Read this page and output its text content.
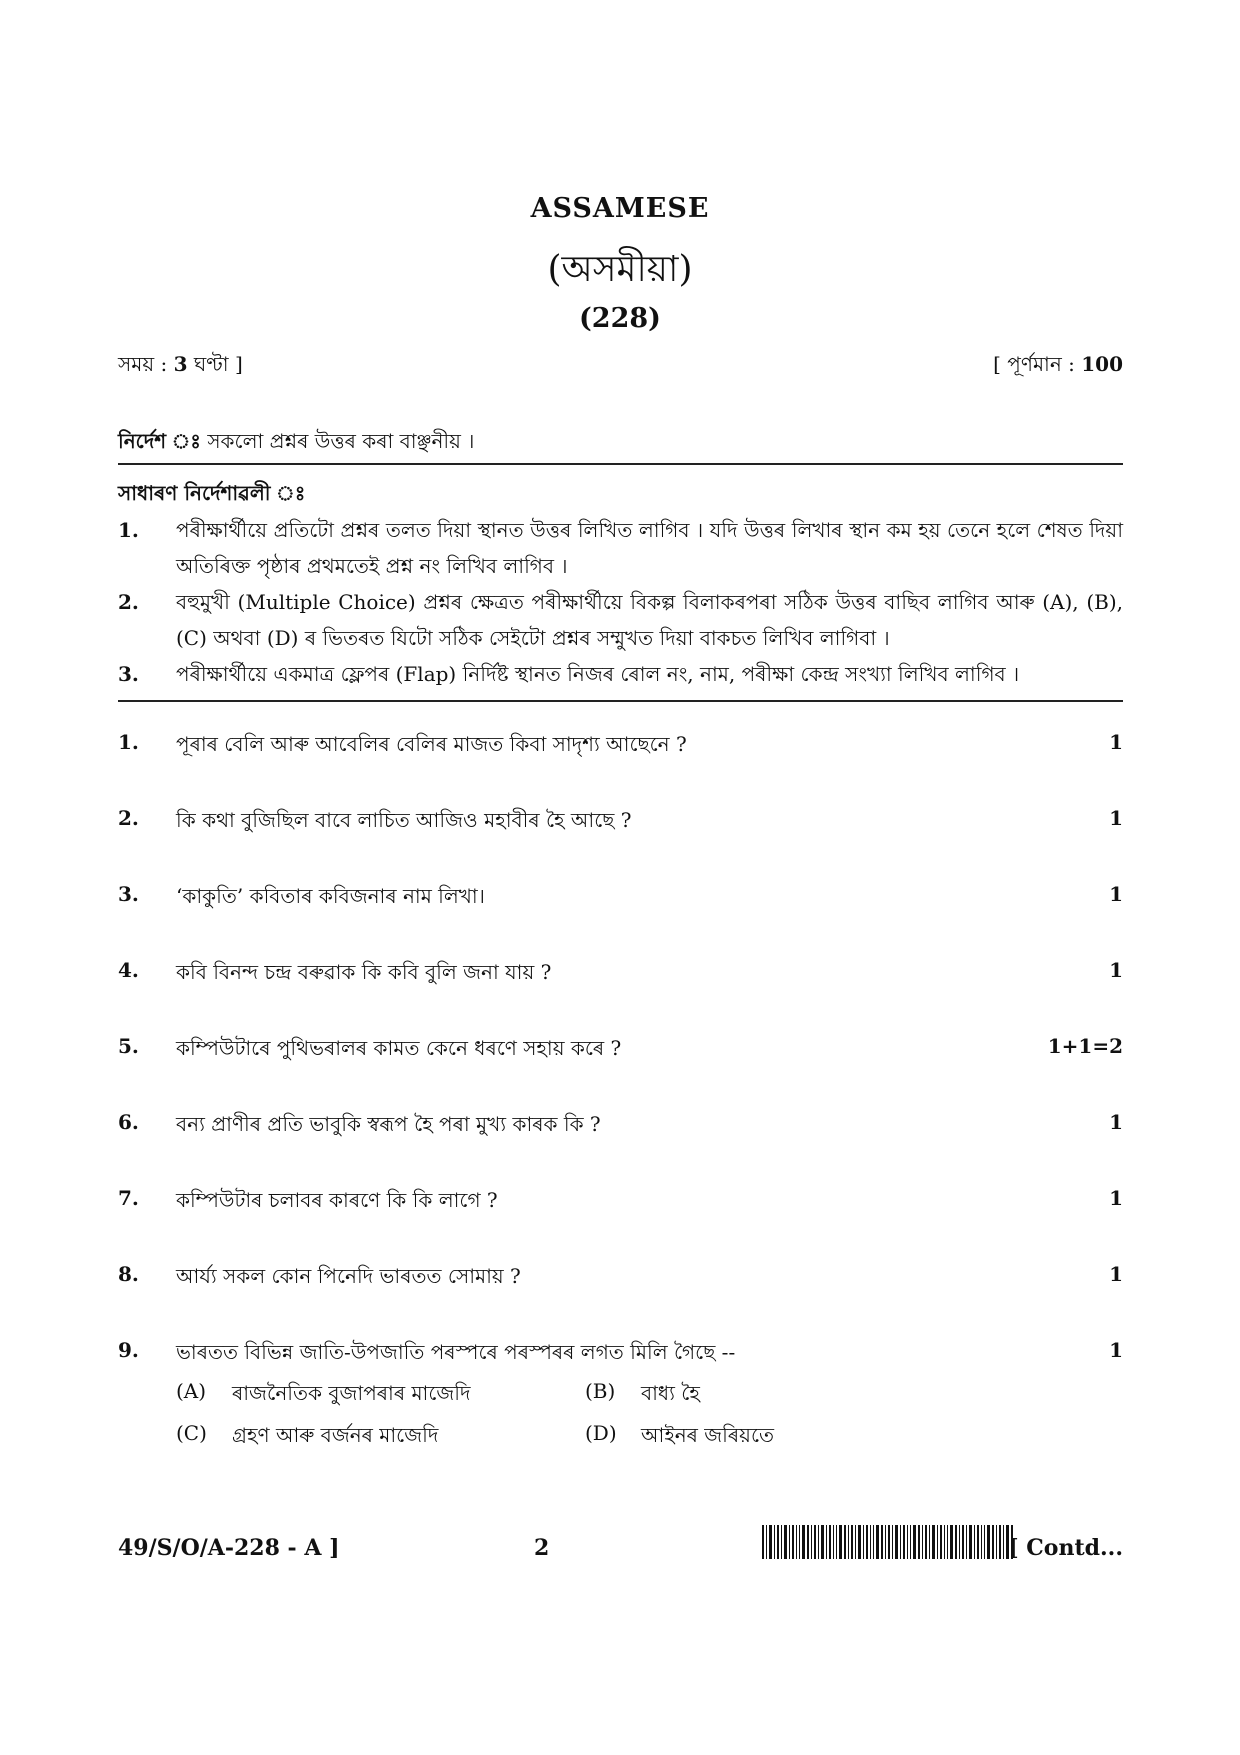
ASSAMESE
(অসমীয়া)
(228)
সময় : 3 ঘণ্টা ]	[ পূৰ্ণমান : 100
নিৰ্দেশ ঃ সকলো প্ৰশ্নৰ উত্তৰ কৰা বাঞ্ছনীয় ।
সাধাৰণ নিৰ্দেশাৱলী ঃ
1. পৰীক্ষাৰ্থীয়ে প্ৰতিটো প্ৰশ্নৰ তলত দিয়া স্থানত উত্তৰ লিখিত লাগিব । যদি উত্তৰ লিখাৰ স্থান কম হয় তেনে হলে শেষত দিয়া অতিৰিক্ত পৃষ্ঠাৰ প্ৰথমতেই প্ৰশ্ন নং লিখিব লাগিব ।
2. বহুমুখী (Multiple Choice) প্ৰশ্নৰ ক্ষেত্ৰত পৰীক্ষাৰ্থীয়ে বিকল্প বিলাকৰপৰা সঠিক উত্তৰ বাছিব লাগিব আৰু (A), (B), (C) অথবা (D) ৰ ভিতৰত যিটো সঠিক সেইটো প্ৰশ্নৰ সম্মুখত দিয়া বাকচত লিখিব লাগিবা ।
3. পৰীক্ষাৰ্থীয়ে একমাত্ৰ ফ্লেপৰ (Flap) নিৰ্দিষ্ট স্থানত নিজৰ ৰোল নং, নাম, পৰীক্ষা কেন্দ্ৰ সংখ্যা লিখিব লাগিব ।
1. পূৰাৰ বেলি আৰু আবেলিৰ বেলিৰ মাজত কিবা সাদৃশ্য আছেনে ?	1
2. কি কথা বুজিছিল বাবে লাচিত আজিও মহাবীৰ হৈ আছে ?	1
3. ‘কাকুতি’ কবিতাৰ কবিজনাৰ নাম লিখা।	1
4. কবি বিনন্দ চন্দ্ৰ বৰুৱাক কি কবি বুলি জনা যায় ?	1
5. কম্পিউটাৰে পুথিভৰালৰ কামত কেনে ধৰণে সহায় কৰে ?	1+1=2
6. বন্য প্ৰাণীৰ প্ৰতি ভাবুকি স্বৰূপ হৈ পৰা মুখ্য কাৰক কি ?	1
7. কম্পিউটাৰ চলাবৰ কাৰণে কি কি লাগে ?	1
8. আৰ্য্য সকল কোন পিনেদি ভাৰতত সোমায় ?	1
9. ভাৰতত বিভিন্ন জাতি-উপজাতি পৰস্পৰে পৰস্পৰৰ লগত মিলি গৈছে --	1
(A) ৰাজনৈতিক বুজাপৰাৰ মাজেদি	(B) বাধ্য হৈ
(C) গ্ৰহণ আৰু বৰ্জনৰ মাজেদি	(D) আইনৰ জৰিয়তে
49/S/O/A-228 - A ]	2	[ Contd...
